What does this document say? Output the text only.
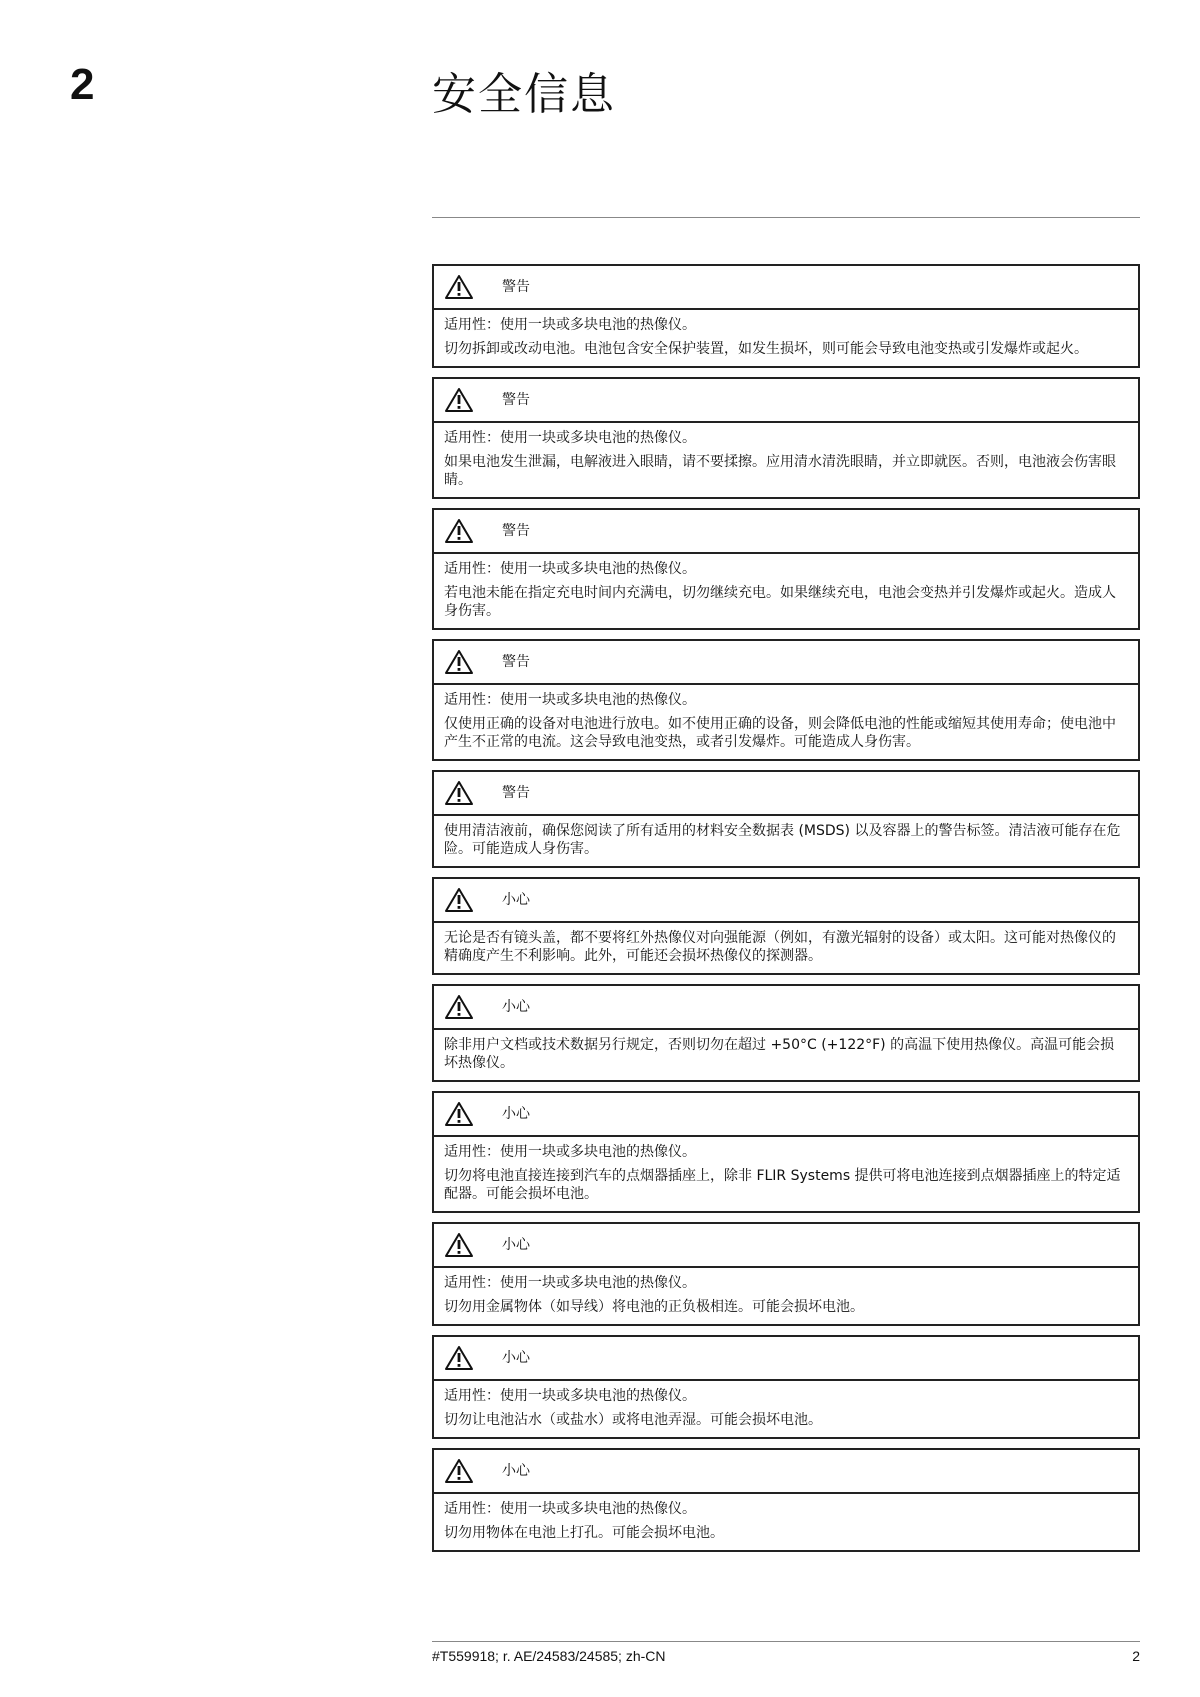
2	安全信息
警告

适用性：使用一块或多块电池的热像仪。

切勿拆卸或改动电池。电池包含安全保护装置，如发生损坏，则可能会导致电池变热或引发爆炸或起火。

警告

适用性：使用一块或多块电池的热像仪。

如果电池发生泄漏，电解液进入眼睛，请不要揉擦。应用清水清洗眼睛，并立即就医。否则，电池液会伤害眼睛。

警告

适用性：使用一块或多块电池的热像仪。

若电池未能在指定充电时间内充满电，切勿继续充电。如果继续充电，电池会变热并引发爆炸或起火。造成人身伤害。

警告

适用性：使用一块或多块电池的热像仪。

仅使用正确的设备对电池进行放电。如不使用正确的设备，则会降低电池的性能或缩短其使用寿命；使电池中产生不正常的电流。这会导致电池变热，或者引发爆炸。可能造成人身伤害。

警告

使用清洁液前，确保您阅读了所有适用的材料安全数据表 (MSDS) 以及容器上的警告标签。清洁液可能存在危险。可能造成人身伤害。

小心

无论是否有镜头盖，都不要将红外热像仪对向强能源（例如，有激光辐射的设备）或太阳。这可能对热像仪的精确度产生不利影响。此外，可能还会损坏热像仪的探测器。

小心

除非用户文档或技术数据另行规定，否则切勿在超过 +50°C (+122°F) 的高温下使用热像仪。高温可能会损坏热像仪。

小心

适用性：使用一块或多块电池的热像仪。

切勿将电池直接连接到汽车的点烟器插座上，除非 FLIR Systems 提供可将电池连接到点烟器插座上的特定适配器。可能会损坏电池。

小心

适用性：使用一块或多块电池的热像仪。

切勿用金属物体（如导线）将电池的正负极相连。可能会损坏电池。

小心

适用性：使用一块或多块电池的热像仪。

切勿让电池沾水（或盐水）或将电池弄湿。可能会损坏电池。

小心

适用性：使用一块或多块电池的热像仪。

切勿用物体在电池上打孔。可能会损坏电池。

#T559918; r. AE/24583/24585; zh-CN	2
